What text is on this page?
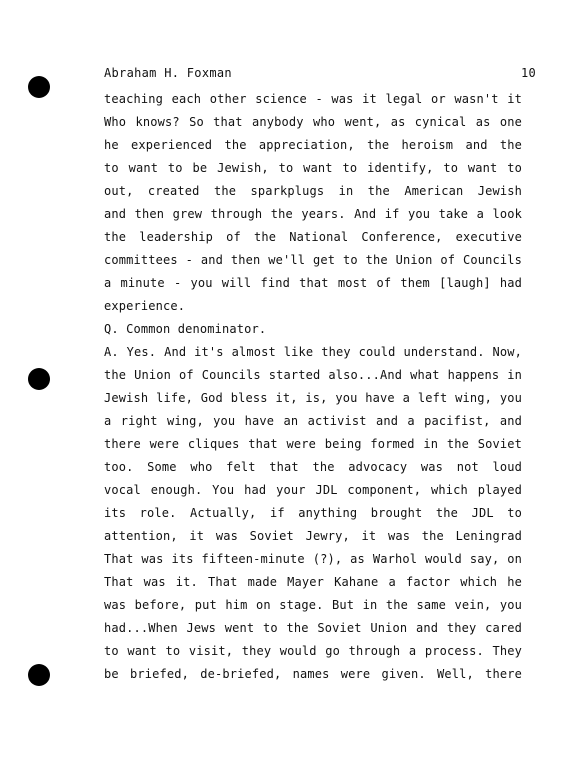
Abraham H. Foxman	10
teaching each other science - was it legal or wasn't it
Who knows? So that anybody who went, as cynical as one
he experienced the appreciation, the heroism and the
to want to be Jewish, to want to identify, to want to
out, created the sparkplugs in the American Jewish
and then grew through the years. And if you take a look
the leadership of the National Conference, executive
committees - and then we'll get to the Union of Councils
a minute - you will find that most of them [laugh] had
experience.
Q. Common denominator.
A. Yes. And it's almost like they could understand. Now,
the Union of Councils started also...And what happens in
Jewish life, God bless it, is, you have a left wing, you
a right wing, you have an activist and a pacifist, and
there were cliques that were being formed in the Soviet
too. Some who felt that the advocacy was not loud
vocal enough. You had your JDL component, which played
its role. Actually, if anything brought the JDL to
attention, it was Soviet Jewry, it was the Leningrad
That was its fifteen-minute (?), as Warhol would say, on
That was it. That made Mayer Kahane a factor which he
was before, put him on stage. But in the same vein, you
had...When Jews went to the Soviet Union and they cared
to want to visit, they would go through a process. They
be briefed, de-briefed, names were given. Well, there
